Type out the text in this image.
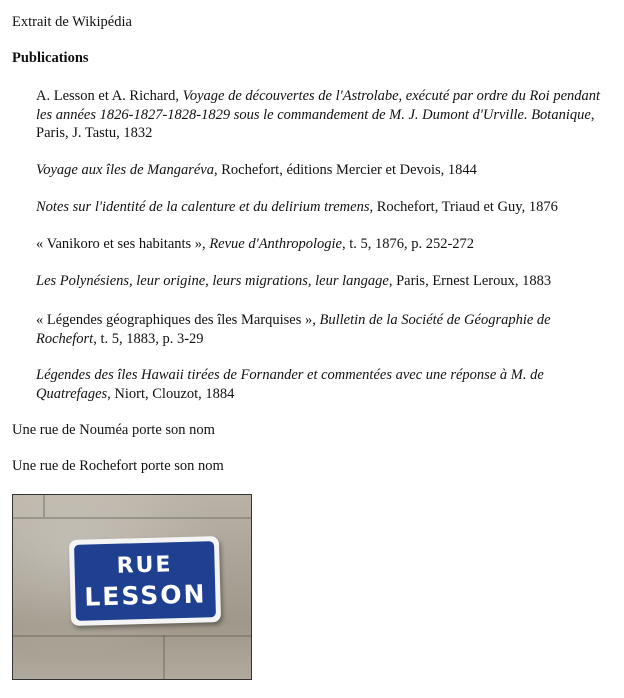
Extrait de Wikipédia
Publications
A. Lesson et A. Richard, Voyage de découvertes de l'Astrolabe, exécuté par ordre du Roi pendant les années 1826-1827-1828-1829 sous le commandement de M. J. Dumont d'Urville. Botanique, Paris, J. Tastu, 1832
Voyage aux îles de Mangaréva, Rochefort, éditions Mercier et Devois, 1844
Notes sur l'identité de la calenture et du delirium tremens, Rochefort, Triaud et Guy, 1876
« Vanikoro et ses habitants », Revue d'Anthropologie, t. 5, 1876, p. 252-272
Les Polynésiens, leur origine, leurs migrations, leur langage, Paris, Ernest Leroux, 1883
« Légendes géographiques des îles Marquises », Bulletin de la Société de Géographie de Rochefort, t. 5, 1883, p. 3-29
Légendes des îles Hawaii tirées de Fornander et commentées avec une réponse à M. de Quatrefages, Niort, Clouzot, 1884
Une rue de Nouméa porte son nom
Une rue de Rochefort porte son nom
RUE
LESSON
